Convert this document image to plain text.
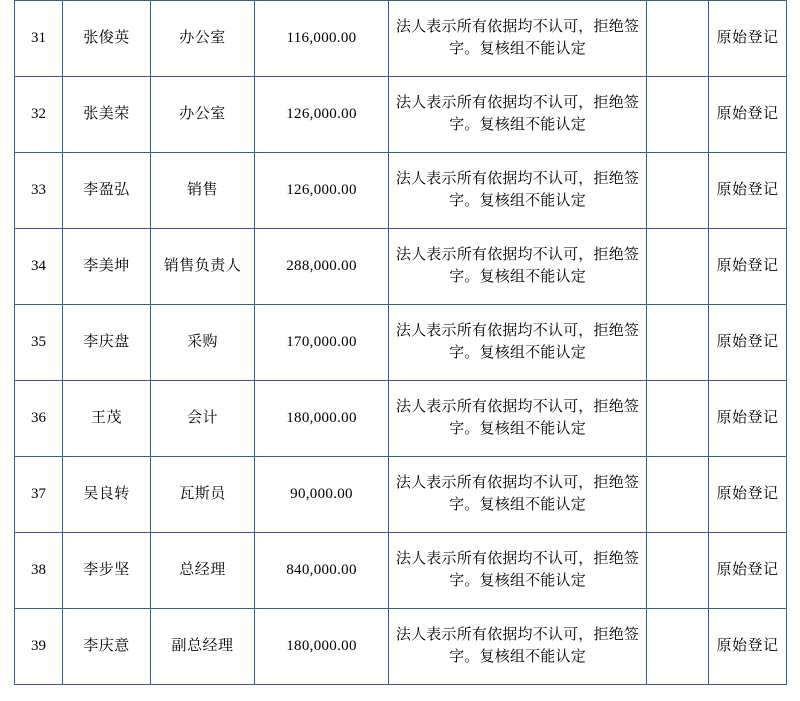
31	张俊英	办公室	116,000.00	法人表示所有依据均不认可，拒绝签字。复核组不能认定		原始登记
32	张美荣	办公室	126,000.00	法人表示所有依据均不认可，拒绝签字。复核组不能认定		原始登记
33	李盈弘	销售	126,000.00	法人表示所有依据均不认可，拒绝签字。复核组不能认定		原始登记
34	李美坤	销售负责人	288,000.00	法人表示所有依据均不认可，拒绝签字。复核组不能认定		原始登记
35	李庆盘	采购	170,000.00	法人表示所有依据均不认可，拒绝签字。复核组不能认定		原始登记
36	王茂	会计	180,000.00	法人表示所有依据均不认可，拒绝签字。复核组不能认定		原始登记
37	吴良转	瓦斯员	90,000.00	法人表示所有依据均不认可，拒绝签字。复核组不能认定		原始登记
38	李步坚	总经理	840,000.00	法人表示所有依据均不认可，拒绝签字。复核组不能认定		原始登记
39	李庆意	副总经理	180,000.00	法人表示所有依据均不认可，拒绝签字。复核组不能认定		原始登记
